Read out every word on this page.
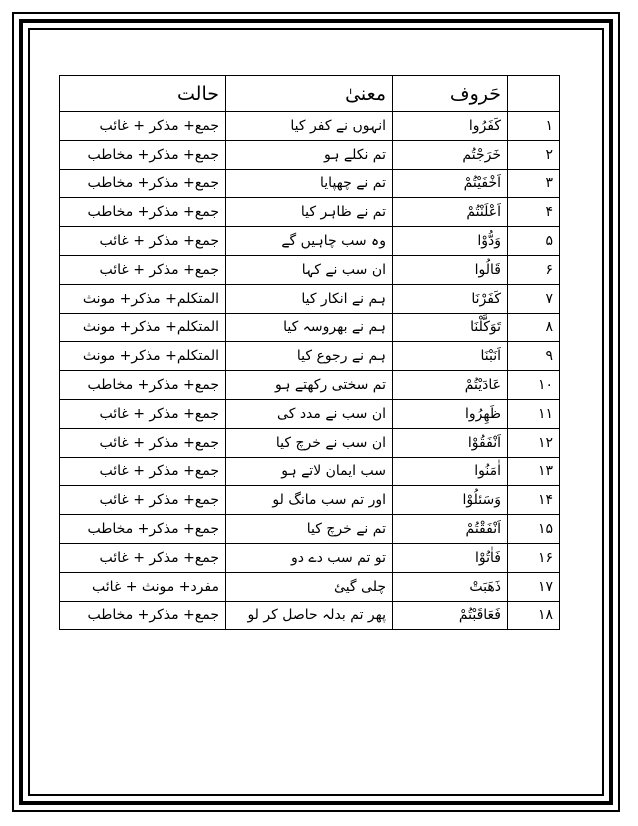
	حَروف	معنیٰ	حالت
۱	كَفَرُوا	انہوں نے کفر کیا	جمع+ مذکر + غائب
۲	خَرَجْتُم	تم نکلے ہو	جمع+ مذکر+ مخاطب
۳	اَخْفَيْتُمْ	تم نے چھپایا	جمع+ مذکر+ مخاطب
۴	اَعْلَنْتُمْ	تم نے ظاہر کیا	جمع+ مذکر+ مخاطب
۵	وَدُّوْا	وہ سب چاہیں گے	جمع+ مذکر + غائب
۶	قَالُوا	ان سب نے کہا	جمع+ مذکر + غائب
۷	كَفَرْنَا	ہم نے انکار کیا	المتکلم+ مذکر+ مونث
۸	تَوَكَّلْنَا	ہم نے بھروسہ کیا	المتکلم+ مذکر+ مونث
۹	اَنَبْنَا	ہم نے رجوع کیا	المتکلم+ مذکر+ مونث
۱۰	عَادَيْتُمْ	تم سختی رکھتے ہو	جمع+ مذکر+ مخاطب
۱۱	ظَهِرُوا	ان سب نے مدد کی	جمع+ مذکر + غائب
۱۲	اَنْفَقُوْا	ان سب نے خرچ کیا	جمع+ مذکر + غائب
۱۳	اٰمَنُوا	سب ایمان لاتے ہو	جمع+ مذکر + غائب
۱۴	وَسَئلُوْا	اور تم سب مانگ لو	جمع+ مذکر + غائب
۱۵	اَنْفَقْتُمْ	تم نے خرچ کیا	جمع+ مذکر+ مخاطب
۱۶	فَاٰتُوْا	تو تم سب دے دو	جمع+ مذکر + غائب
۱۷	ذَهَبَتْ	چلی گیئ	مفرد+ مونث + غائب
۱۸	فَعَاقَبْتُمْ	پھر تم بدلہ حاصل کر لو	جمع+ مذکر+ مخاطب
